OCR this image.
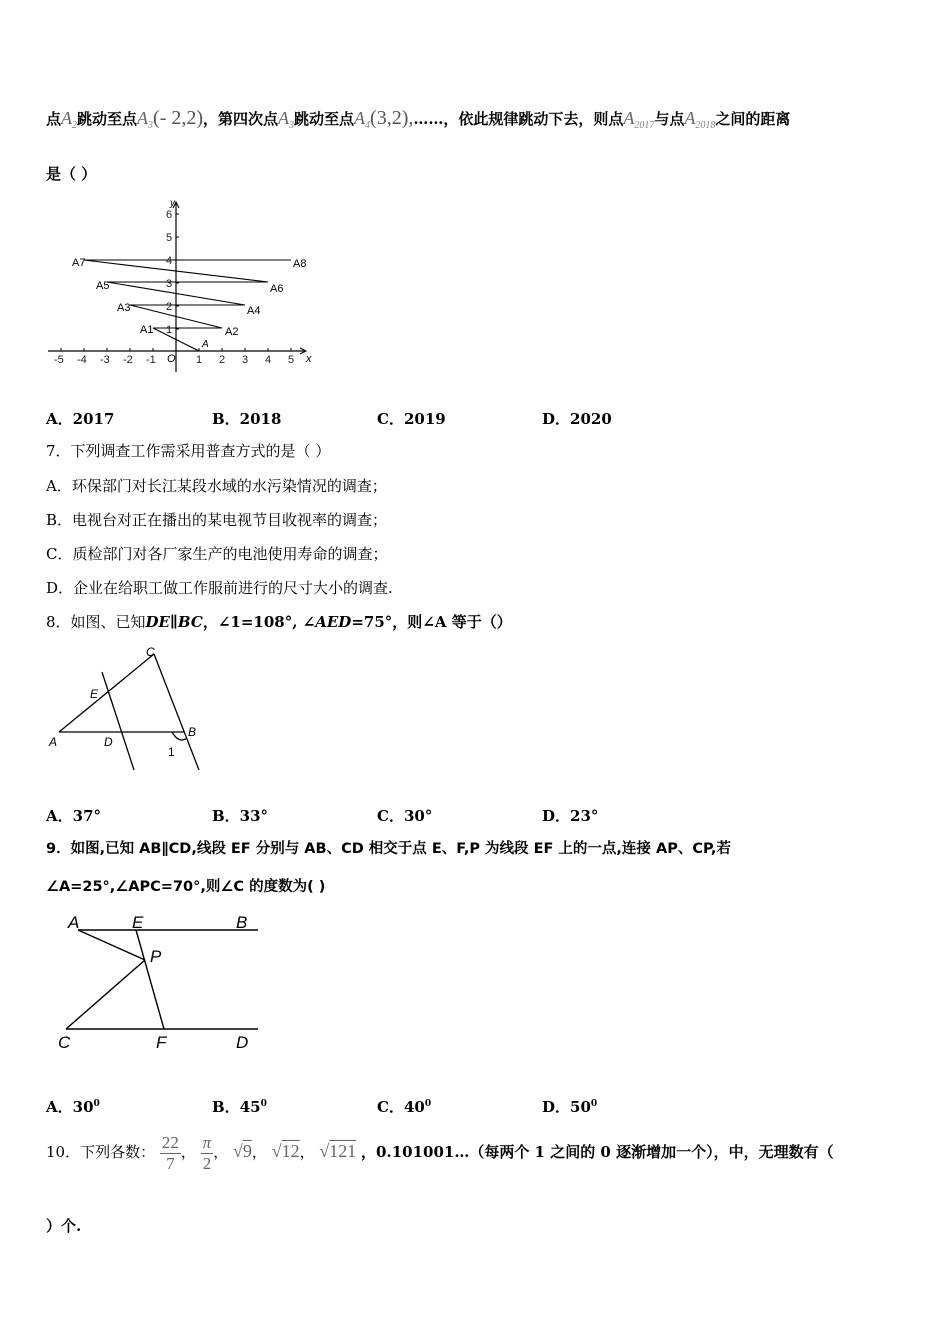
点$A_2$跳动至点$A_3(-$ 2,2)，第四次点$A_3$跳动至点$A_4(3,2),\dots\dots$，依此规律跳动下去，则点$A_{2017}$与点$A_{2018}$之间的距离
是（ ）
y
x
O
-5 -4 -3 -2 -1	1 2 3 4 5
1
2
3
4
5
6
A
A1	A2
A3	A4
A5	A6
A7	A8
A．2017	B．2018	C．2019	D．2020
7．下列调查工作需采用普查方式的是（ ）
A．环保部门对长江某段水域的水污染情况的调查；
B．电视台对正在播出的某电视节目收视率的调查；
C．质检部门对各厂家生产的电池使用寿命的调查；
D．企业在给职工做工作服前进行的尺寸大小的调查.
8．如图、已知DE∥BC，∠1=108°, ∠AED=75°，则∠A 等于（）
C
E
A	D
B
1
A．37°	B．33°	C．30°	D．23°
9．如图,已知 AB∥CD,线段 EF 分别与 AB、CD 相交于点 E、F,P 为线段 EF 上的一点,连接 AP、CP,若
∠A=25°,∠APC=70°,则∠C 的度数为( )
A	E	B
P
C	F	D
A．$30^0$	B．$45^0$	C．$40^0$	D．$50^0$
10．下列各数： $\frac{22}{7}$ ， $\frac{\pi}{2}$ ， √9， √12， √121 ，0.101001…（每两个 1 之间的 0 逐渐增加一个），中，无理数有（
）个.
